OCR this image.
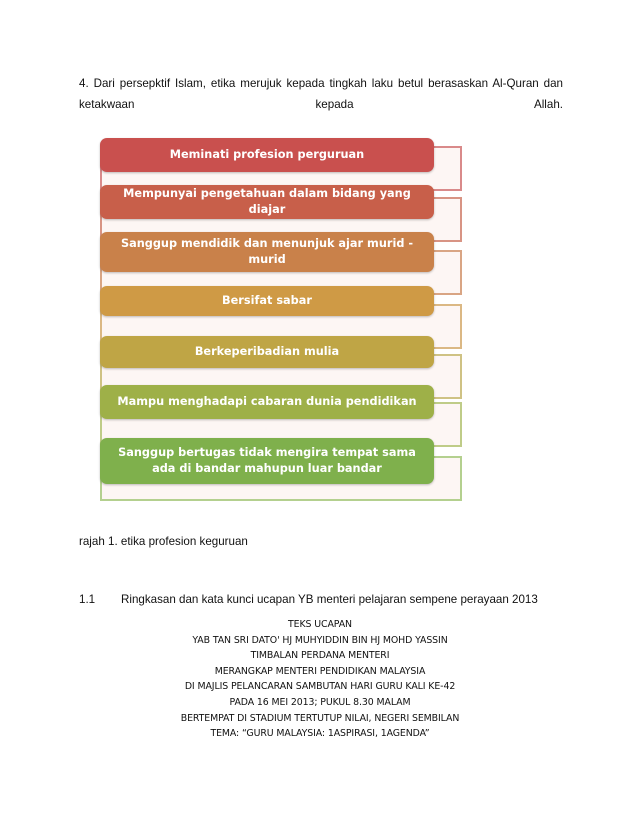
4. Dari persepktif Islam, etika merujuk kepada tingkah laku betul berasaskan Al-Quran dan ketakwaan kepada Allah.
Meminati profesion perguruan
Mempunyai pengetahuan dalam bidang yang diajar
Sanggup mendidik dan menunjuk ajar murid - murid
Bersifat sabar
Berkeperibadian mulia
Mampu menghadapi cabaran dunia pendidikan
Sanggup bertugas tidak mengira tempat sama ada di bandar mahupun luar bandar
rajah 1. etika profesion keguruan
1.1 Ringkasan dan kata kunci ucapan YB menteri pelajaran sempene perayaan 2013
TEKS UCAPAN
YAB TAN SRI DATO' HJ MUHYIDDIN BIN HJ MOHD YASSIN
TIMBALAN PERDANA MENTERI
MERANGKAP MENTERI PENDIDIKAN MALAYSIA
DI MAJLIS PELANCARAN SAMBUTAN HARI GURU KALI KE-42
PADA 16 MEI 2013; PUKUL 8.30 MALAM
BERTEMPAT DI STADIUM TERTUTUP NILAI, NEGERI SEMBILAN
TEMA: “GURU MALAYSIA: 1ASPIRASI, 1AGENDA”
